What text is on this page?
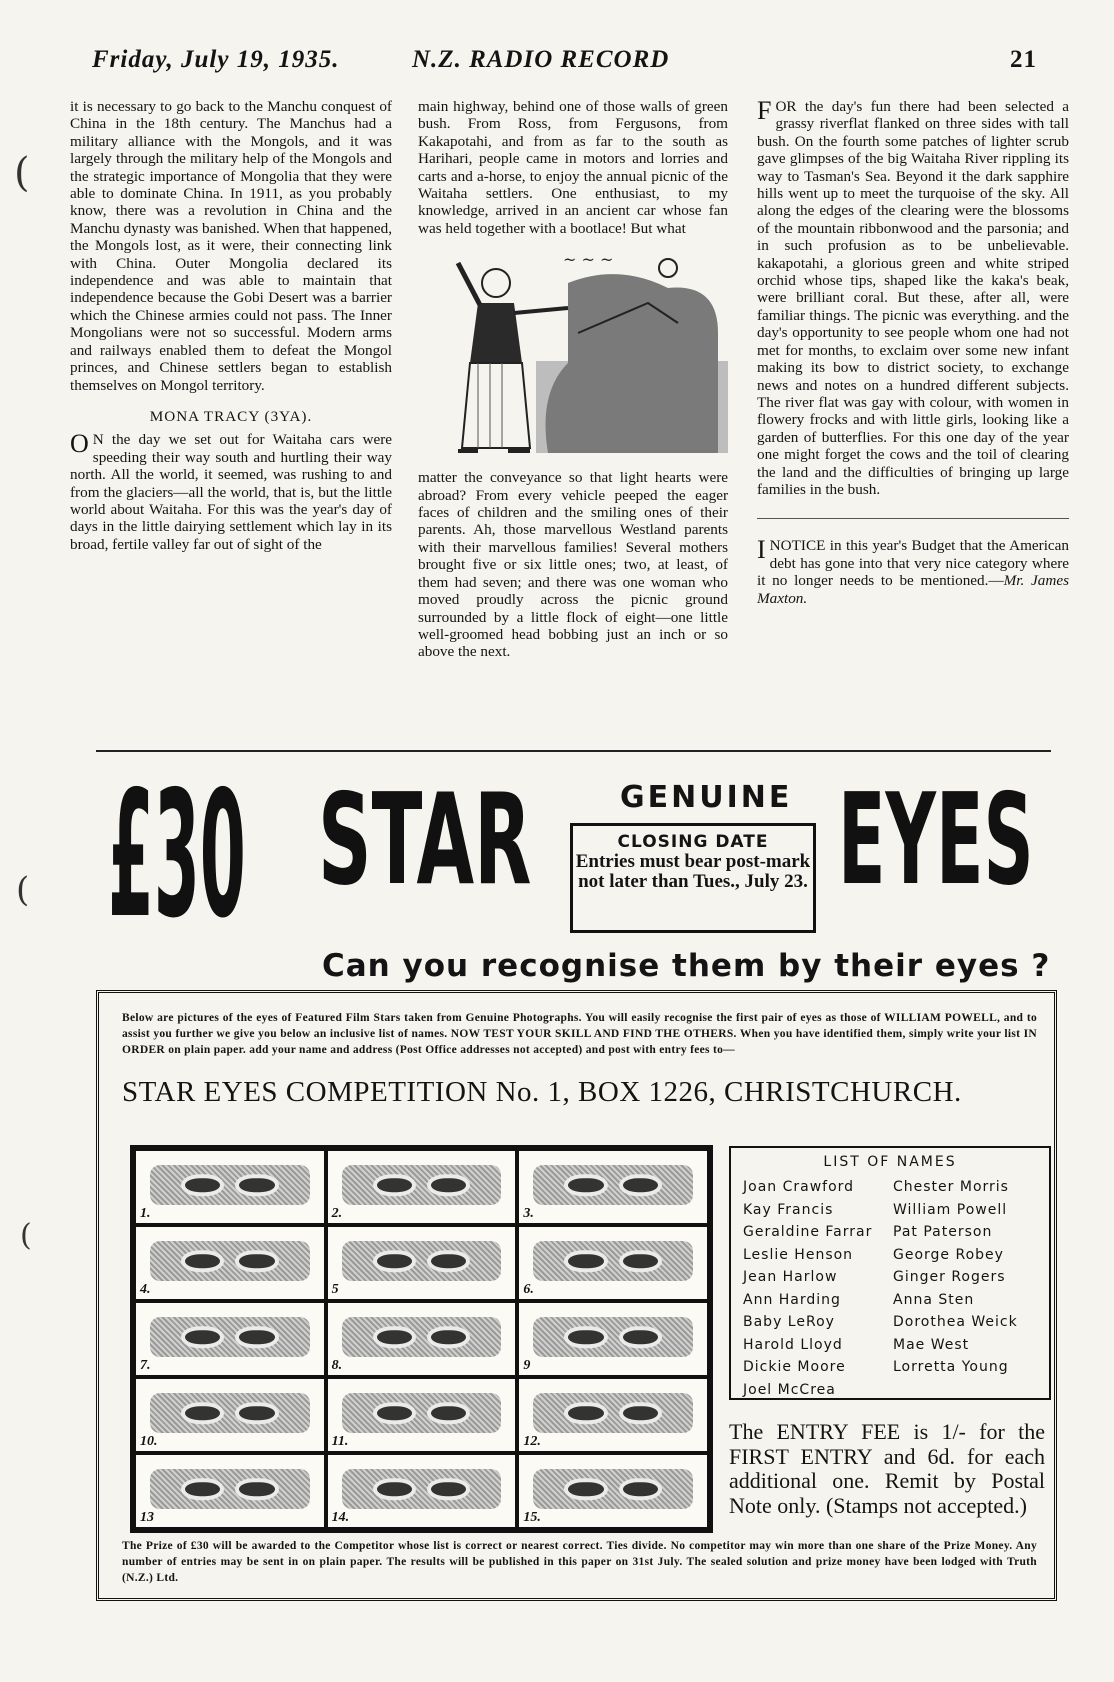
Friday, July 19, 1935.	N.Z. RADIO RECORD	21
(
(
(

it is necessary to go back to the Manchu conquest of China in the 18th century. The Manchus had a military alliance with the Mongols, and it was largely through the military help of the Mongols and the strategic importance of Mongolia that they were able to dominate China. In 1911, as you probably know, there was a revolution in China and the Manchu dynasty was banished. When that happened, the Mongols lost, as it were, their connecting link with China. Outer Mongolia declared its independence and was able to maintain that independence because the Gobi Desert was a barrier which the Chinese armies could not pass. The Inner Mongolians were not so successful. Modern arms and railways enabled them to defeat the Mongol princes, and Chinese settlers began to establish themselves on Mongol territory.

MONA TRACY (3YA).

O N the day we set out for Waitaha cars were speeding their way south and hurtling their way north. All the world, it seemed, was rushing to and from the glaciers—all the world, that is, but the little world about Waitaha. For this was the year's day of days in the little dairying settlement which lay in its broad, fertile valley far out of sight of the

main highway, behind one of those walls of green bush. From Ross, from Fergusons, from Kakapotahi, and from as far to the south as Harihari, people came in motors and lorries and carts and a-horse, to enjoy the annual picnic of the Waitaha settlers. One enthusiast, to my knowledge, arrived in an ancient car whose fan was held together with a bootlace! But what

~ ~ ~

matter the conveyance so that light hearts were abroad? From every vehicle peeped the eager faces of children and the smiling ones of their parents. Ah, those marvellous Westland parents with their marvellous families! Several mothers brought five or six little ones; two, at least, of them had seven; and there was one woman who moved proudly across the picnic ground surrounded by a little flock of eight—one little well-groomed head bobbing just an inch or so above the next.

FOR the day's fun there had been selected a grassy riverflat flanked on three sides with tall bush. On the fourth some patches of lighter scrub gave glimpses of the big Waitaha River rippling its way to Tasman's Sea. Beyond it the dark sapphire hills went up to meet the turquoise of the sky. All along the edges of the clearing were the blossoms of the mountain ribbonwood and the parsonia; and in such profusion as to be unbelievable. kakapotahi, a glorious green and white striped orchid whose tips, shaped like the kaka's beak, were brilliant coral. But these, after all, were familiar things. The picnic was everything. and the day's opportunity to see people whom one had not met for months, to exclaim over some new infant making its bow to district society, to exchange news and notes on a hundred different subjects. The river flat was gay with colour, with women in flowery frocks and with little girls, looking like a garden of butterflies. For this one day of the year one might forget the cows and the toil of clearing the land and the difficulties of bringing up large families in the bush.

INOTICE in this year's Budget that the American debt has gone into that very nice category where it no longer needs to be mentioned.—Mr. James Maxton.

£30 STAR	GENUINE
CLOSING DATE
Entries must bear post-mark not later than Tues., July 23. EYES
Can you recognise them by their eyes ?
Below are pictures of the eyes of Featured Film Stars taken from Genuine Photographs. You will easily recognise the first pair of eyes as those of WILLIAM POWELL, and to assist you further we give you below an inclusive list of names. NOW TEST YOUR SKILL AND FIND THE OTHERS. When you have identified them, simply write your list IN ORDER on plain paper. add your name and address (Post Office addresses not accepted) and post with entry fees to—
STAR EYES COMPETITION No. 1, BOX 1226, CHRISTCHURCH.
1.	2.	3.
4.	5	6.
7.	8.	9
10.	11.	12.
13	14.	15.
LIST OF NAMES
Joan Crawford
Kay Francis
Geraldine Farrar
Leslie Henson
Jean Harlow
Ann Harding
Baby LeRoy
Harold Lloyd
Dickie Moore
Joel McCrea
Chester Morris
William Powell
Pat Paterson
George Robey
Ginger Rogers
Anna Sten
Dorothea Weick
Mae West
Lorretta Young
The ENTRY FEE is 1/- for the FIRST ENTRY and 6d. for each additional one. Remit by Postal Note only. (Stamps not accepted.)
The Prize of £30 will be awarded to the Competitor whose list is correct or nearest correct. Ties divide. No competitor may win more than one share of the Prize Money. Any number of entries may be sent in on plain paper. The results will be published in this paper on 31st July. The sealed solution and prize money have been lodged with Truth (N.Z.) Ltd.
